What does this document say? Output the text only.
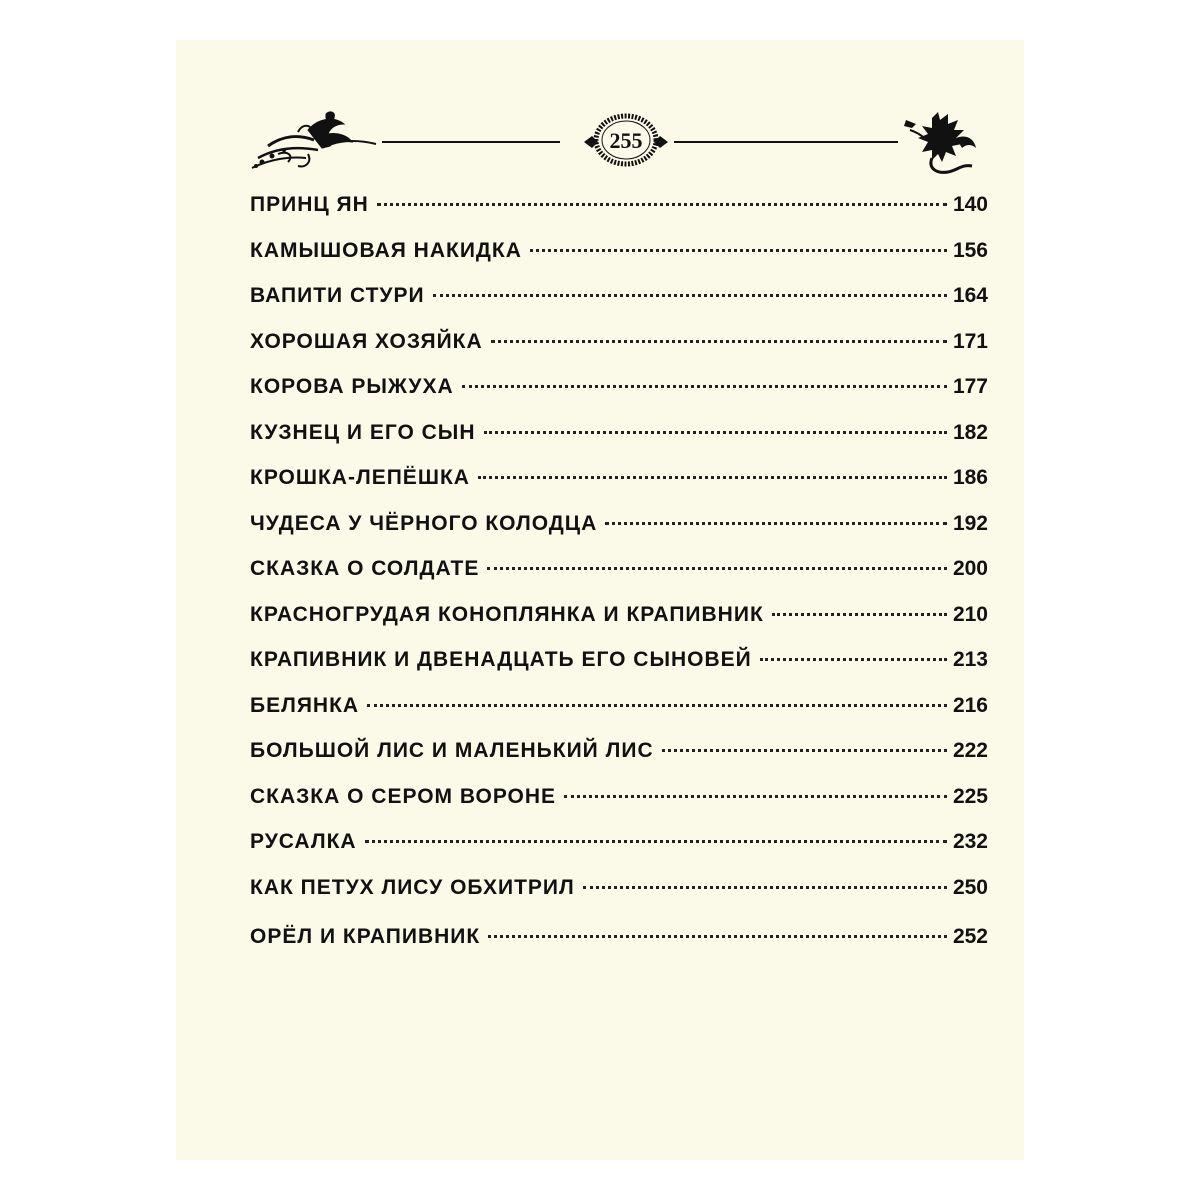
255
ПРИНЦ ЯН	140
КАМЫШОВАЯ НАКИДКА	156
ВАПИТИ СТУРИ	164
ХОРОШАЯ ХОЗЯЙКА	171
КОРОВА РЫЖУХА	177
КУЗНЕЦ И ЕГО СЫН	182
КРОШКА-ЛЕПЁШКА	186
ЧУДЕСА У ЧЁРНОГО КОЛОДЦА	192
СКАЗКА О СОЛДАТЕ	200
КРАСНОГРУДАЯ КОНОПЛЯНКА И КРАПИВНИК	210
КРАПИВНИК И ДВЕНАДЦАТЬ ЕГО СЫНОВЕЙ	213
БЕЛЯНКА	216
БОЛЬШОЙ ЛИС И МАЛЕНЬКИЙ ЛИС	222
СКАЗКА О СЕРОМ ВОРОНЕ	225
РУСАЛКА	232
КАК ПЕТУХ ЛИСУ ОБХИТРИЛ	250
ОРЁЛ И КРАПИВНИК	252
